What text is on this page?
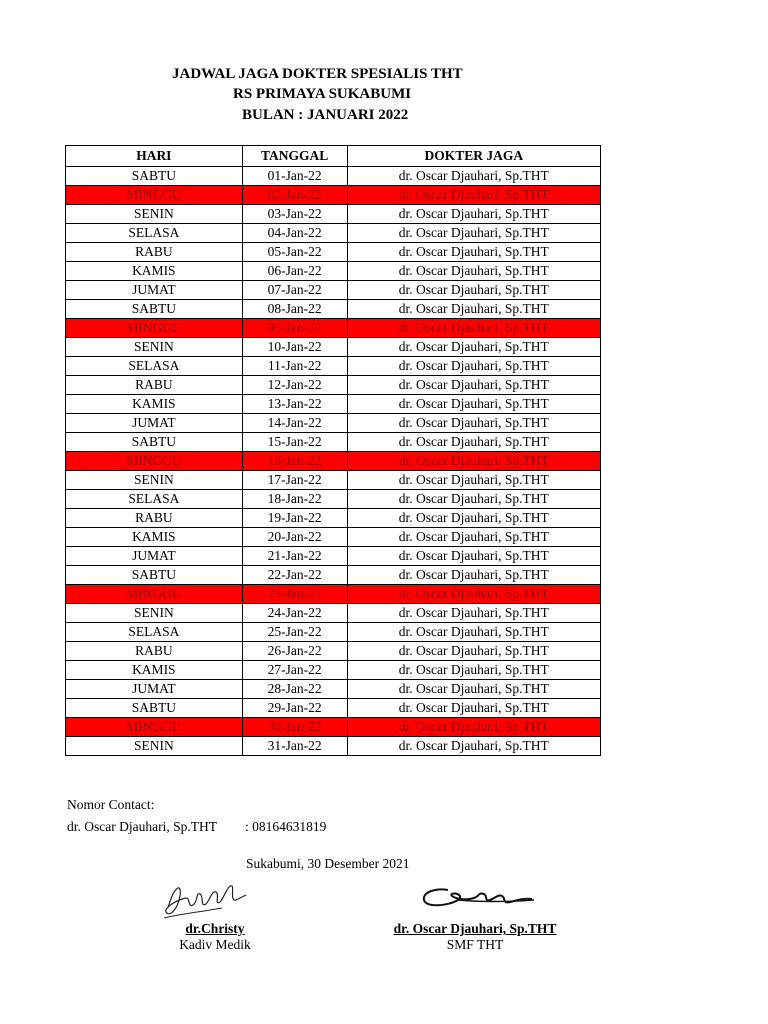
JADWAL JAGA DOKTER SPESIALIS THT
RS PRIMAYA SUKABUMI
BULAN : JANUARI 2022
HARI	TANGGAL	DOKTER JAGA
SABTU	01-Jan-22	dr. Oscar Djauhari, Sp.THT
MINGGU	02-Jan-22	dr. Oscar Djauhari, Sp.THT
SENIN	03-Jan-22	dr. Oscar Djauhari, Sp.THT
SELASA	04-Jan-22	dr. Oscar Djauhari, Sp.THT
RABU	05-Jan-22	dr. Oscar Djauhari, Sp.THT
KAMIS	06-Jan-22	dr. Oscar Djauhari, Sp.THT
JUMAT	07-Jan-22	dr. Oscar Djauhari, Sp.THT
SABTU	08-Jan-22	dr. Oscar Djauhari, Sp.THT
MINGGU	09-Jan-22	dr. Oscar Djauhari, Sp.THT
SENIN	10-Jan-22	dr. Oscar Djauhari, Sp.THT
SELASA	11-Jan-22	dr. Oscar Djauhari, Sp.THT
RABU	12-Jan-22	dr. Oscar Djauhari, Sp.THT
KAMIS	13-Jan-22	dr. Oscar Djauhari, Sp.THT
JUMAT	14-Jan-22	dr. Oscar Djauhari, Sp.THT
SABTU	15-Jan-22	dr. Oscar Djauhari, Sp.THT
MINGGU	16-Jan-22	dr. Oscar Djauhari, Sp.THT
SENIN	17-Jan-22	dr. Oscar Djauhari, Sp.THT
SELASA	18-Jan-22	dr. Oscar Djauhari, Sp.THT
RABU	19-Jan-22	dr. Oscar Djauhari, Sp.THT
KAMIS	20-Jan-22	dr. Oscar Djauhari, Sp.THT
JUMAT	21-Jan-22	dr. Oscar Djauhari, Sp.THT
SABTU	22-Jan-22	dr. Oscar Djauhari, Sp.THT
MINGGU	23-Jan-22	dr. Oscar Djauhari, Sp.THT
SENIN	24-Jan-22	dr. Oscar Djauhari, Sp.THT
SELASA	25-Jan-22	dr. Oscar Djauhari, Sp.THT
RABU	26-Jan-22	dr. Oscar Djauhari, Sp.THT
KAMIS	27-Jan-22	dr. Oscar Djauhari, Sp.THT
JUMAT	28-Jan-22	dr. Oscar Djauhari, Sp.THT
SABTU	29-Jan-22	dr. Oscar Djauhari, Sp.THT
MINGGU	30-Jan-22	dr. Oscar Djauhari, Sp.THT
SENIN	31-Jan-22	dr. Oscar Djauhari, Sp.THT
Nomor Contact:
dr. Oscar Djauhari, Sp.THT : 08164631819
Sukabumi, 30 Desember 2021
dr.Christy
Kadiv Medik
dr. Oscar Djauhari, Sp.THT
SMF THT
